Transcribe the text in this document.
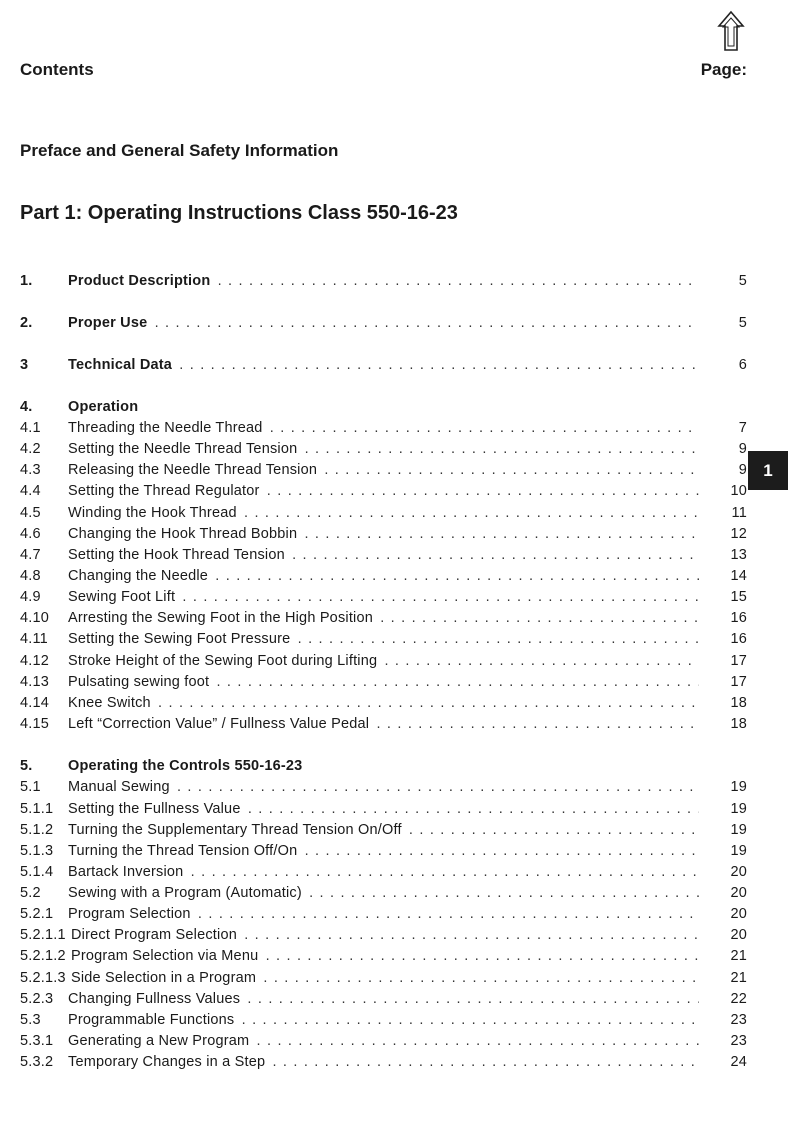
Contents	Page:
Preface and General Safety Information
Part 1: Operating Instructions Class 550-16-23
1
1. Product Description . . .	5
2. Proper Use . . .	5
3	Technical Data . . .	6
4. Operation
4.1 Threading the Needle Thread . . .	7
4.2 Setting the Needle Thread Tension . . .	9
4.3 Releasing the Needle Thread Tension . . .	9
4.4 Setting the Thread Regulator . . .	10
4.5 Winding the Hook Thread . . .	11
4.6 Changing the Hook Thread Bobbin . . .	12
4.7 Setting the Hook Thread Tension . . .	13
4.8 Changing the Needle . . .	14
4.9 Sewing Foot Lift . . .	15
4.10 Arresting the Sewing Foot in the High Position . . .	16
4.11 Setting the Sewing Foot Pressure . . .	16
4.12 Stroke Height of the Sewing Foot during Lifting . . .	17
4.13 Pulsating sewing foot . . .	17
4.14 Knee Switch . . .	18
4.15 Left “Correction Value” / Fullness Value Pedal . . .	18
5. Operating the Controls 550-16-23
5.1 Manual Sewing . . .	19
5.1.1 Setting the Fullness Value . . .	19
5.1.2 Turning the Supplementary Thread Tension On/Off . . .	19
5.1.3 Turning the Thread Tension Off/On . . .	19
5.1.4 Bartack Inversion . . .	20
5.2 Sewing with a Program (Automatic) . . .	20
5.2.1 Program Selection . . .	20
5.2.1.1 Direct Program Selection . . .	20
5.2.1.2 Program Selection via Menu . . .	21
5.2.1.3 Side Selection in a Program . . .	21
5.2.3 Changing Fullness Values . . .	22
5.3 Programmable Functions . . .	23
5.3.1 Generating a New Program . . .	23
5.3.2 Temporary Changes in a Step . . .	24
